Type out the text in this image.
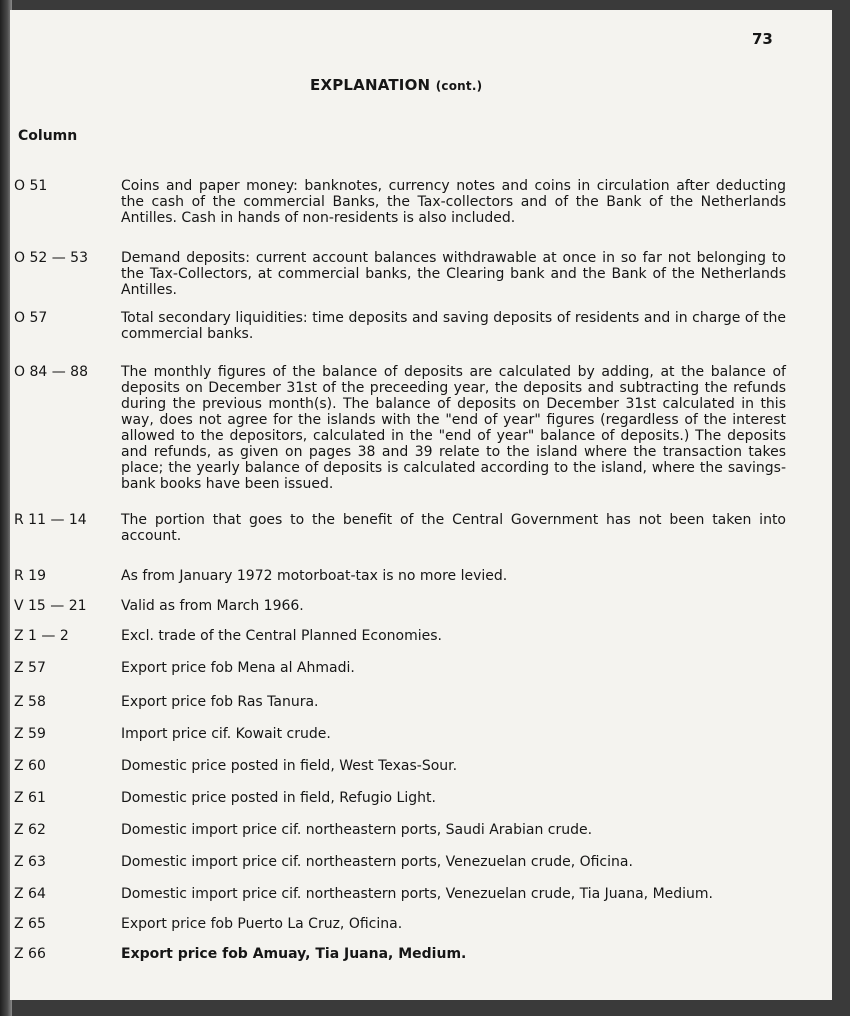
73
EXPLANATION (cont.)
Column
O 51	Coins and paper money: banknotes, currency notes and coins in circulation after deducting the cash of the commercial Banks, the Tax-collectors and of the Bank of the Netherlands Antilles. Cash in hands of non-residents is also included.
O 52 — 53 Demand deposits: current account balances withdrawable at once in so far not belonging to the Tax-Collectors, at commercial banks, the Clearing bank and the Bank of the Netherlands Antilles.
O 57	Total secondary liquidities: time deposits and saving deposits of residents and in charge of the commercial banks.
O 84 — 88 The monthly figures of the balance of deposits are calculated by adding, at the balance of deposits on December 31st of the preceeding year, the deposits and subtracting the refunds during the previous month(s). The balance of deposits on December 31st calculated in this way, does not agree for the islands with the "end of year" figures (regardless of the interest allowed to the depositors, calculated in the "end of year" balance of deposits.) The deposits and refunds, as given on pages 38 and 39 relate to the island where the transaction takes place; the yearly balance of deposits is calculated according to the island, where the savings-bank books have been issued.
R 11 — 14 The portion that goes to the benefit of the Central Government has not been taken into account.
R 19	As from January 1972 motorboat-tax is no more levied.
V 15 — 21 Valid as from March 1966.
Z 1 — 2	Excl. trade of the Central Planned Economies.
Z 57	Export price fob Mena al Ahmadi.
Z 58	Export price fob Ras Tanura.
Z 59	Import price cif. Kowait crude.
Z 60	Domestic price posted in field, West Texas-Sour.
Z 61	Domestic price posted in field, Refugio Light.
Z 62	Domestic import price cif. northeastern ports, Saudi Arabian crude.
Z 63	Domestic import price cif. northeastern ports, Venezuelan crude, Oficina.
Z 64	Domestic import price cif. northeastern ports, Venezuelan crude, Tia Juana, Medium.
Z 65	Export price fob Puerto La Cruz, Oficina.
Z 66	Export price fob Amuay, Tia Juana, Medium.
